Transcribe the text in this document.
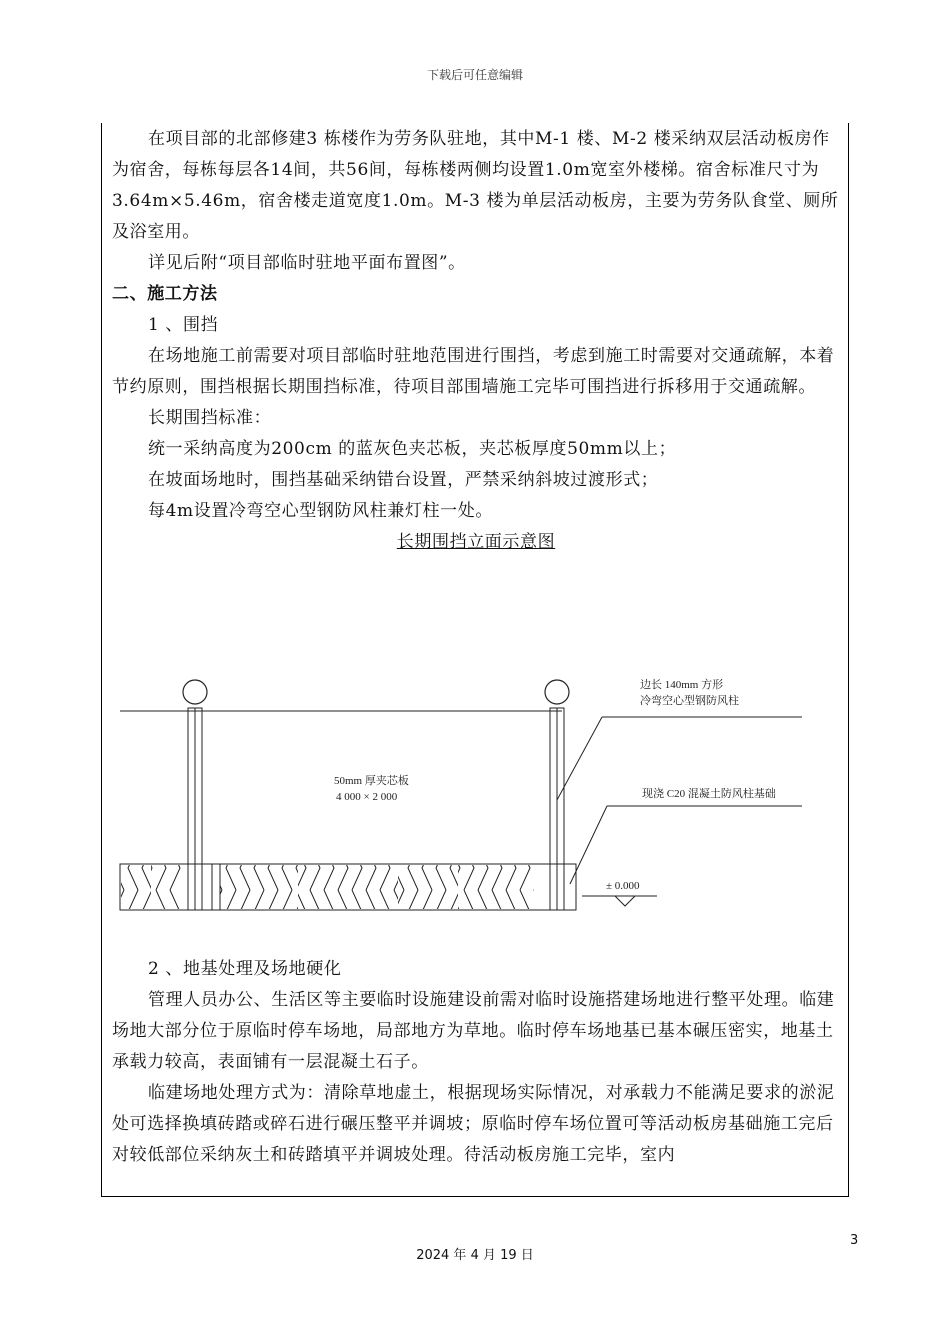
下载后可任意编辑

在项目部的北部修建3 栋楼作为劳务队驻地，其中M-1 楼、M-2 楼采纳双层活动板房作为宿舍，每栋每层各14间，共56间，每栋楼两侧均设置1.0m宽室外楼梯。宿舍标准尺寸为3.64m×5.46m，宿舍楼走道宽度1.0m。M-3 楼为单层活动板房，主要为劳务队食堂、厕所及浴室用。

详见后附“项目部临时驻地平面布置图”。

二、施工方法

1 、围挡

在场地施工前需要对项目部临时驻地范围进行围挡，考虑到施工时需要对交通疏解，本着节约原则，围挡根据长期围挡标准，待项目部围墙施工完毕可围挡进行拆移用于交通疏解。

长期围挡标准：

统一采纳高度为200cm 的蓝灰色夹芯板，夹芯板厚度50mm以上；

在坡面场地时，围挡基础采纳错台设置，严禁采纳斜坡过渡形式；

每4m设置冷弯空心型钢防风柱兼灯柱一处。

长期围挡立面示意图

边长 140mm 方形
冷弯空心型钢防风柱
50mm 厚夹芯板
4 000 × 2 000	现浇 C20 混凝土防风柱基础
± 0.000

2 、地基处理及场地硬化

管理人员办公、生活区等主要临时设施建设前需对临时设施搭建场地进行整平处理。临建场地大部分位于原临时停车场地，局部地方为草地。临时停车场地基已基本碾压密实，地基土承载力较高，表面铺有一层混凝土石子。

临建场地处理方式为：清除草地虚土，根据现场实际情况，对承载力不能满足要求的淤泥处可选择换填砖踏或碎石进行碾压整平并调坡；原临时停车场位置可等活动板房基础施工完后对较低部位采纳灰土和砖踏填平并调坡处理。待活动板房施工完毕，室内

3
2024 年 4 月 19 日
